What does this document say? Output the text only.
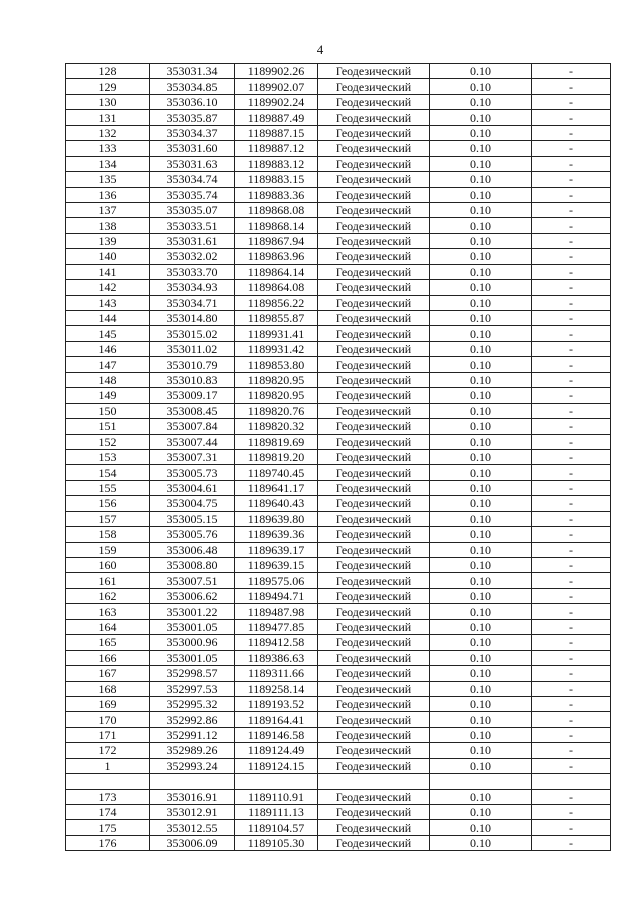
4
128	353031.34	1189902.26	Геодезический	0.10	-
129	353034.85	1189902.07	Геодезический	0.10	-
130	353036.10	1189902.24	Геодезический	0.10	-
131	353035.87	1189887.49	Геодезический	0.10	-
132	353034.37	1189887.15	Геодезический	0.10	-
133	353031.60	1189887.12	Геодезический	0.10	-
134	353031.63	1189883.12	Геодезический	0.10	-
135	353034.74	1189883.15	Геодезический	0.10	-
136	353035.74	1189883.36	Геодезический	0.10	-
137	353035.07	1189868.08	Геодезический	0.10	-
138	353033.51	1189868.14	Геодезический	0.10	-
139	353031.61	1189867.94	Геодезический	0.10	-
140	353032.02	1189863.96	Геодезический	0.10	-
141	353033.70	1189864.14	Геодезический	0.10	-
142	353034.93	1189864.08	Геодезический	0.10	-
143	353034.71	1189856.22	Геодезический	0.10	-
144	353014.80	1189855.87	Геодезический	0.10	-
145	353015.02	1189931.41	Геодезический	0.10	-
146	353011.02	1189931.42	Геодезический	0.10	-
147	353010.79	1189853.80	Геодезический	0.10	-
148	353010.83	1189820.95	Геодезический	0.10	-
149	353009.17	1189820.95	Геодезический	0.10	-
150	353008.45	1189820.76	Геодезический	0.10	-
151	353007.84	1189820.32	Геодезический	0.10	-
152	353007.44	1189819.69	Геодезический	0.10	-
153	353007.31	1189819.20	Геодезический	0.10	-
154	353005.73	1189740.45	Геодезический	0.10	-
155	353004.61	1189641.17	Геодезический	0.10	-
156	353004.75	1189640.43	Геодезический	0.10	-
157	353005.15	1189639.80	Геодезический	0.10	-
158	353005.76	1189639.36	Геодезический	0.10	-
159	353006.48	1189639.17	Геодезический	0.10	-
160	353008.80	1189639.15	Геодезический	0.10	-
161	353007.51	1189575.06	Геодезический	0.10	-
162	353006.62	1189494.71	Геодезический	0.10	-
163	353001.22	1189487.98	Геодезический	0.10	-
164	353001.05	1189477.85	Геодезический	0.10	-
165	353000.96	1189412.58	Геодезический	0.10	-
166	353001.05	1189386.63	Геодезический	0.10	-
167	352998.57	1189311.66	Геодезический	0.10	-
168	352997.53	1189258.14	Геодезический	0.10	-
169	352995.32	1189193.52	Геодезический	0.10	-
170	352992.86	1189164.41	Геодезический	0.10	-
171	352991.12	1189146.58	Геодезический	0.10	-
172	352989.26	1189124.49	Геодезический	0.10	-
1	352993.24	1189124.15	Геодезический	0.10	-

173	353016.91	1189110.91	Геодезический	0.10	-
174	353012.91	1189111.13	Геодезический	0.10	-
175	353012.55	1189104.57	Геодезический	0.10	-
176	353006.09	1189105.30	Геодезический	0.10	-
